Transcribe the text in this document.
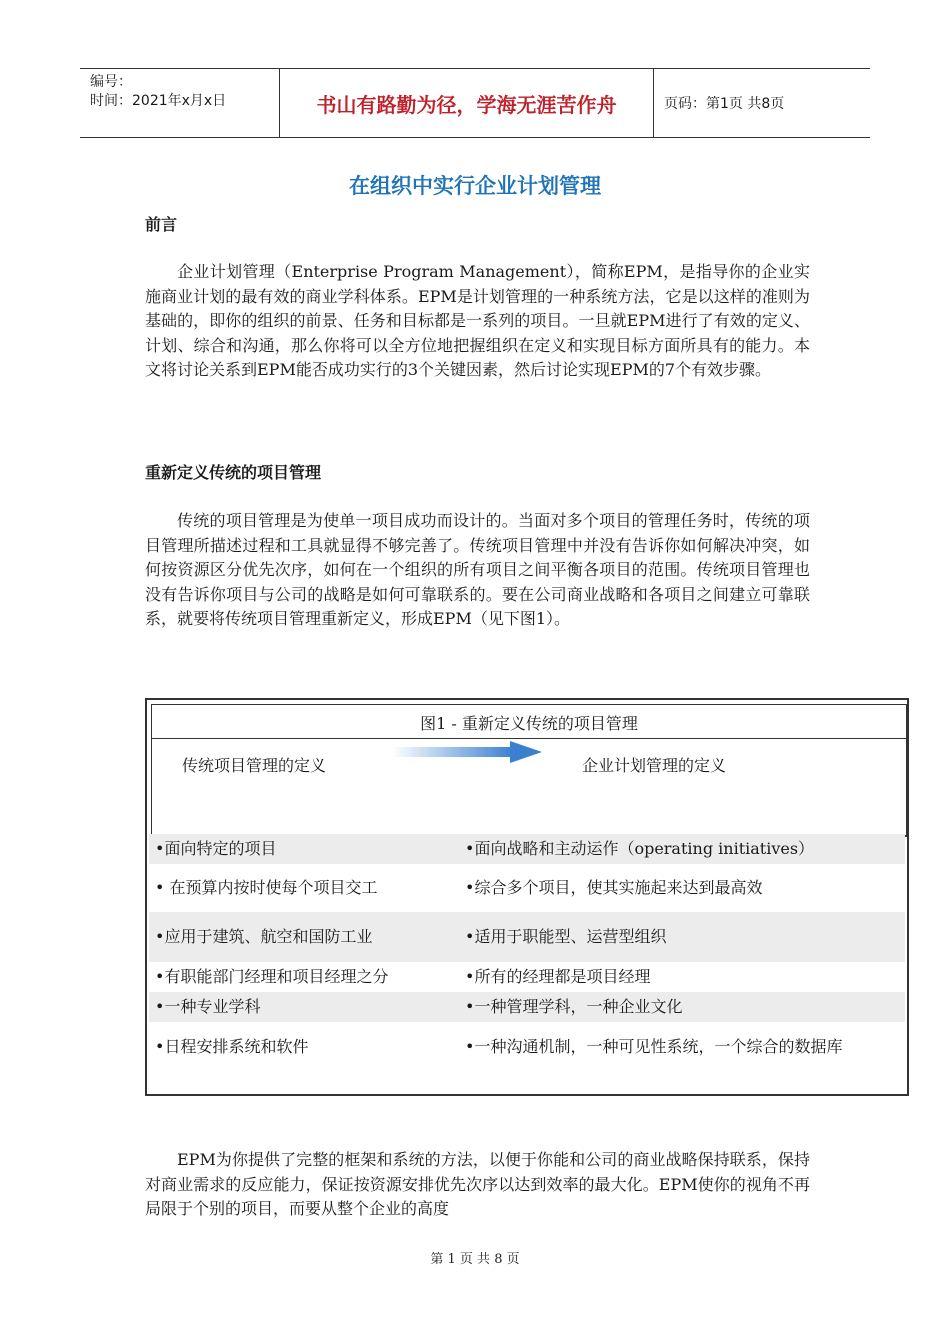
编号：
时间：2021年x月x日	书山有路勤为径，学海无涯苦作舟	页码：第1页 共8页
在组织中实行企业计划管理
前言

企业计划管理（Enterprise Program Management），简称EPM，是指导你的企业实施商业计划的最有效的商业学科体系。EPM是计划管理的一种系统方法，它是以这样的准则为基础的，即你的组织的前景、任务和目标都是一系列的项目。一旦就EPM进行了有效的定义、计划、综合和沟通，那么你将可以全方位地把握组织在定义和实现目标方面所具有的能力。本文将讨论关系到EPM能否成功实行的3个关键因素，然后讨论实现EPM的7个有效步骤。

重新定义传统的项目管理

传统的项目管理是为使单一项目成功而设计的。当面对多个项目的管理任务时，传统的项目管理所描述过程和工具就显得不够完善了。传统项目管理中并没有告诉你如何解决冲突，如何按资源区分优先次序，如何在一个组织的所有项目之间平衡各项目的范围。传统项目管理也没有告诉你项目与公司的战略是如何可靠联系的。要在公司商业战略和各项目之间建立可靠联系，就要将传统项目管理重新定义，形成EPM（见下图1）。

图1 - 重新定义传统的项目管理
传统项目管理的定义	企业计划管理的定义
•面向特定的项目	•面向战略和主动运作（operating initiatives）
• 在预算内按时使每个项目交工	•综合多个项目，使其实施起来达到最高效
•应用于建筑、航空和国防工业	•适用于职能型、运营型组织
•有职能部门经理和项目经理之分	•所有的经理都是项目经理
•一种专业学科	•一种管理学科，一种企业文化
•日程安排系统和软件	•一种沟通机制，一种可见性系统，一个综合的数据库

EPM为你提供了完整的框架和系统的方法，以便于你能和公司的商业战略保持联系，保持对商业需求的反应能力，保证按资源安排优先次序以达到效率的最大化。EPM使你的视角不再局限于个别的项目，而要从整个企业的高度

第 1 页 共 8 页
